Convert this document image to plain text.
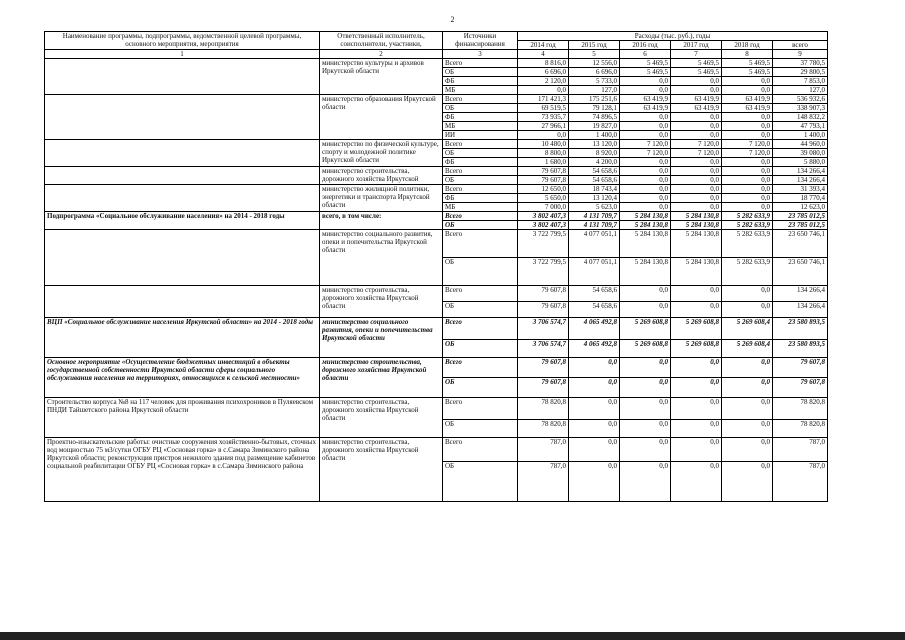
2
Наименование программы, подпрограммы, ведомственной целевой программы, основного мероприятия, мероприятия	Ответственный исполнитель, соисполнители, участники,	Источники финансирования	Расходы (тыс. руб.), годы					
			2014 год	2015 год	2016 год	2017 год	2018 год	всего
1	2	3	4	5	6	7	8	9
	министерство культуры и архивов Иркутской области	Всего	8 816,0	12 556,0	5 469,5	5 469,5	5 469,5	37 780,5
		ОБ	6 696,0	6 696,0	5 469,5	5 469,5	5 469,5	29 800,5
		ФБ	2 120,0	5 733,0	0,0	0,0	0,0	7 853,0
		МБ	0,0	127,0	0,0	0,0	0,0	127,0
	министерство образования Иркутской области	Всего	171 421,3	175 251,6	63 419,9	63 419,9	63 419,9	536 932,6
		ОБ	69 519,5	79 128,1	63 419,9	63 419,9	63 419,9	338 907,3
		ФБ	73 935,7	74 896,5	0,0	0,0	0,0	148 832,2
		МБ	27 966,1	19 827,0	0,0	0,0	0,0	47 793,1
		ИИ	0,0	1 400,0	0,0	0,0	0,0	1 400,0
	министерство по физической культуре, спорту и молодежной политике Иркутской области	Всего	10 480,0	13 120,0	7 120,0	7 120,0	7 120,0	44 960,0
		ОБ	8 800,0	8 920,0	7 120,0	7 120,0	7 120,0	39 080,0
		ФБ	1 680,0	4 200,0	0,0	0,0	0,0	5 880,0
	министерство строительства, дорожного хозяйства Иркутской	Всего	79 607,8	54 658,6	0,0	0,0	0,0	134 266,4
		ОБ	79 607,8	54 658,6	0,0	0,0	0,0	134 266,4
	министерство жилищной политики, энергетики и транспорта Иркутской области	Всего	12 650,0	18 743,4	0,0	0,0	0,0	31 393,4
		ФБ	5 650,0	13 120,4	0,0	0,0	0,0	18 770,4
		МБ	7 000,0	5 623,0	0,0	0,0	0,0	12 623,0
Подпрограмма «Социальное обслуживание населения» на 2014 - 2018 годы	всего, в том числе:	Всего	3 802 407,3	4 131 709,7	5 284 130,8	5 284 130,8	5 282 633,9	23 785 012,5
		ОБ	3 802 407,3	4 131 709,7	5 284 130,8	5 284 130,8	5 282 633,9	23 785 012,5
	министерство социального развития, опеки и попечительства Иркутской области	Всего	3 722 799,5	4 077 051,1	5 284 130,8	5 284 130,8	5 282 633,9	23 650 746,1
		ОБ	3 722 799,5	4 077 051,1	5 284 130,8	5 284 130,8	5 282 633,9	23 650 746,1
	министерство строительства, дорожного хозяйства Иркутской области	Всего	79 607,8	54 658,6	0,0	0,0	0,0	134 266,4
		ОБ	79 607,8	54 658,6	0,0	0,0	0,0	134 266,4
ВЦП «Социальное обслуживание населения Иркутской области» на 2014 - 2018 годы	министерство социального развития, опеки и попечительства Иркутской области	Всего	3 706 574,7	4 065 492,8	5 269 608,8	5 269 608,8	5 269 608,4	23 580 893,5
		ОБ	3 706 574,7	4 065 492,8	5 269 608,8	5 269 608,8	5 269 608,4	23 580 893,5
Основное мероприятие «Осуществление бюджетных инвестиций в объекты государственной собственности Иркутской области сферы социального обслуживания населения на территориях, относящихся к сельской местности»	министерство строительства, дорожного хозяйства Иркутской области	Всего	79 607,8	0,0	0,0	0,0	0,0	79 607,8
		ОБ	79 607,8	0,0	0,0	0,0	0,0	79 607,8
Строительство корпуса №8 на 117 человек для проживания психохроников в Пуляевском ПНДИ Тайшетского района Иркутской области	министерство строительства, дорожного хозяйства Иркутской области	Всего	78 820,8	0,0	0,0	0,0	0,0	78 820,8
		ОБ	78 820,8	0,0	0,0	0,0	0,0	78 820,8
Проектно-изыскательские работы: очистные сооружения хозяйственно-бытовых, сточных вод мощностью 75 м3/сутки ОГБУ РЦ «Сосновая горка» в с.Самара Зиминского района Иркутской области; реконструкция пристроя нежилого здания под размещение кабинетов социальной реабилитации ОГБУ РЦ «Сосновая горка» в с.Самара Зиминского района	министерство строительства, дорожного хозяйства Иркутской области	Всего	787,0	0,0	0,0	0,0	0,0	787,0
		ОБ	787,0	0,0	0,0	0,0	0,0	787,0
